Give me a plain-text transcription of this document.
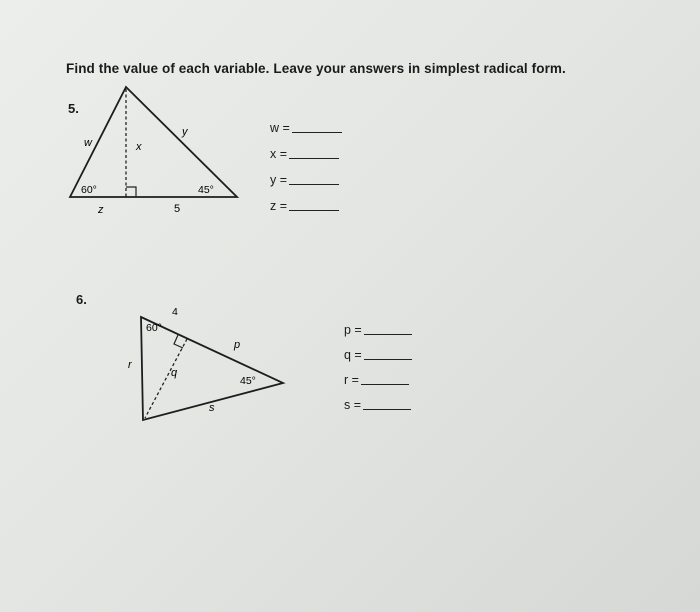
Find the value of each variable. Leave your answers in simplest radical form.
5.
w	x
y
60°	45°
z	5
w =
x =
y =
z =
6.
60°
4
p
q
r
45°
s
p =
q =
r =
s =
